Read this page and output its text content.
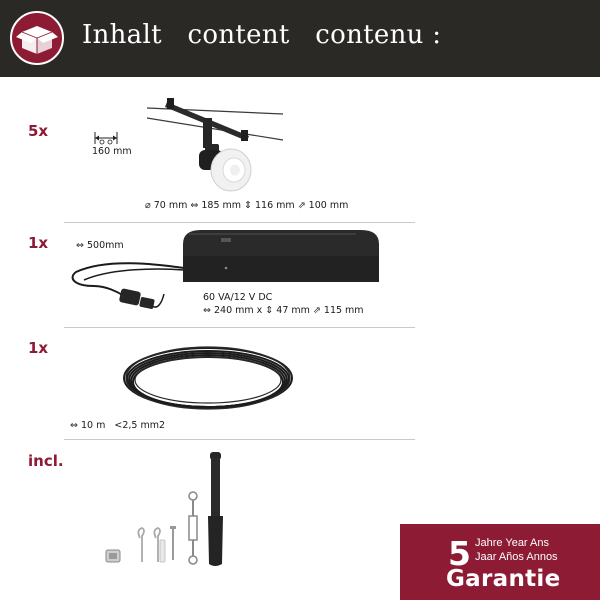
Inhalt   content   contenu :
5x
160 mm
⌀ 70 mm ⇔ 185 mm ⇕ 116 mm ⇗ 100 mm
1x	⇔ 500mm
60 VA/12 V DC
⇔ 240 mm x ⇕ 47 mm ⇗ 115 mm
1x
⇔ 10 m   <2,5 mm2
incl.
5 Jahre Year Ans
Jaar Años Annos
Garantie
